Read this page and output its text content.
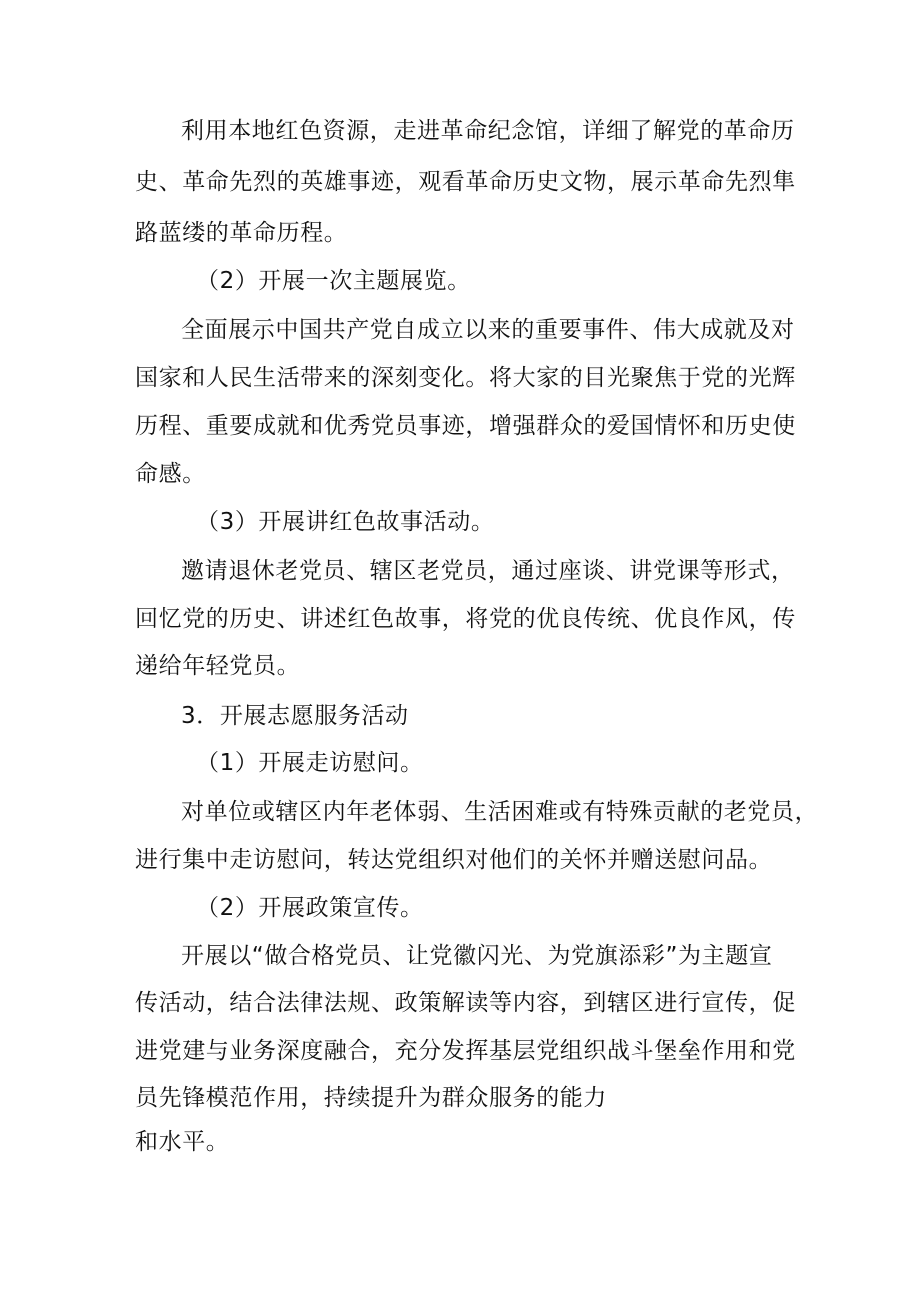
利用本地红色资源，走进革命纪念馆，详细了解党的革命历
史、革命先烈的英雄事迹，观看革命历史文物，展示革命先烈隼
路蓝缕的革命历程。
（2）开展一次主题展览。
全面展示中国共产党自成立以来的重要事件、伟大成就及对
国家和人民生活带来的深刻变化。将大家的目光聚焦于党的光辉
历程、重要成就和优秀党员事迹，增强群众的爱国情怀和历史使
命感。
（3）开展讲红色故事活动。
邀请退休老党员、辖区老党员，通过座谈、讲党课等形式，
回忆党的历史、讲述红色故事，将党的优良传统、优良作风，传
递给年轻党员。
3．开展志愿服务活动
（1）开展走访慰问。
对单位或辖区内年老体弱、生活困难或有特殊贡献的老党员，
进行集中走访慰问，转达党组织对他们的关怀并赠送慰问品。
（2）开展政策宣传。
开展以“做合格党员、让党徽闪光、为党旗添彩”为主题宣
传活动，结合法律法规、政策解读等内容，到辖区进行宣传，促
进党建与业务深度融合，充分发挥基层党组织战斗堡垒作用和党
员先锋模范作用，持续提升为群众服务的能力
和水平。
